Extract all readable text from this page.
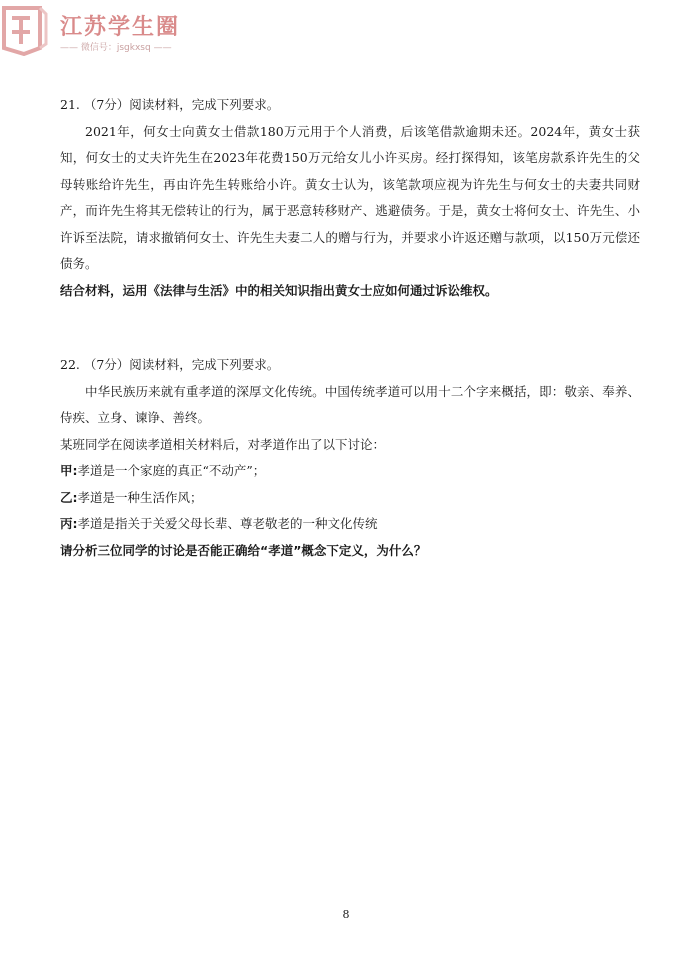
江苏学生圈
—— 微信号：jsgkxsq ——

21. （7分）阅读材料，完成下列要求。

2021年，何女士向黄女士借款180万元用于个人消费，后该笔借款逾期未还。2024年，黄女士获知，何女士的丈夫许先生在2023年花费150万元给女儿小许买房。经打探得知，该笔房款系许先生的父母转账给许先生，再由许先生转账给小许。黄女士认为，该笔款项应视为许先生与何女士的夫妻共同财产，而许先生将其无偿转让的行为，属于恶意转移财产、逃避债务。于是，黄女士将何女士、许先生、小许诉至法院，请求撤销何女士、许先生夫妻二人的赠与行为，并要求小许返还赠与款项，以150万元偿还债务。

结合材料，运用《法律与生活》中的相关知识指出黄女士应如何通过诉讼维权。

22. （7分）阅读材料，完成下列要求。

中华民族历来就有重孝道的深厚文化传统。中国传统孝道可以用十二个字来概括，即：敬亲、奉养、侍疾、立身、谏诤、善终。

某班同学在阅读孝道相关材料后，对孝道作出了以下讨论：

甲:孝道是一个家庭的真正“不动产”；

乙:孝道是一种生活作风；

丙:孝道是指关于关爱父母长辈、尊老敬老的一种文化传统

请分析三位同学的讨论是否能正确给“孝道”概念下定义，为什么？

8
